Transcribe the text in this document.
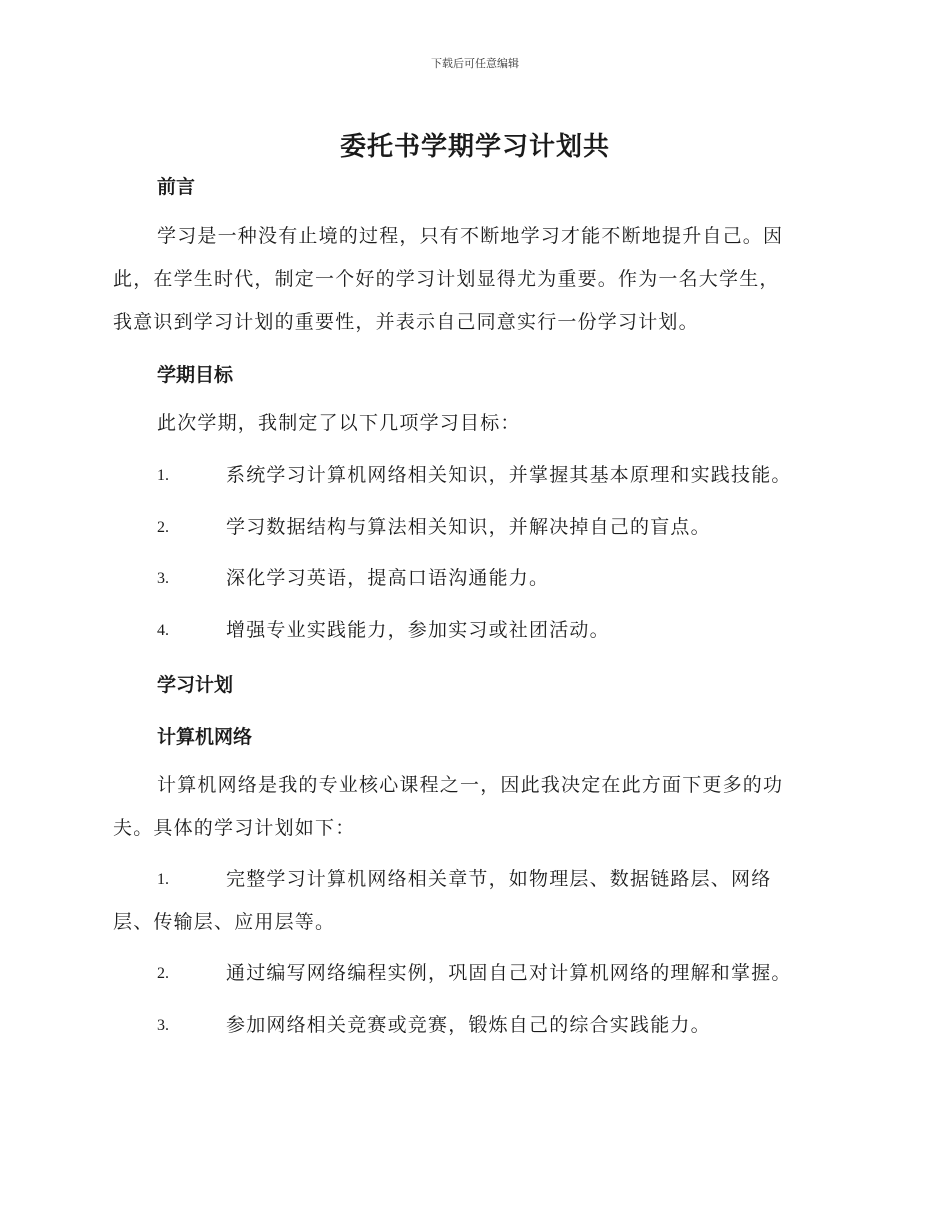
下载后可任意编辑
委托书学期学习计划共
前言
学习是一种没有止境的过程，只有不断地学习才能不断地提升自己。因
此，在学生时代，制定一个好的学习计划显得尤为重要。作为一名大学生，
我意识到学习计划的重要性，并表示自己同意实行一份学习计划。
学期目标
此次学期，我制定了以下几项学习目标：
1.	系统学习计算机网络相关知识，并掌握其基本原理和实践技能。
2.	学习数据结构与算法相关知识，并解决掉自己的盲点。
3.	深化学习英语，提高口语沟通能力。
4.	增强专业实践能力，参加实习或社团活动。
学习计划
计算机网络
计算机网络是我的专业核心课程之一，因此我决定在此方面下更多的功
夫。具体的学习计划如下：
1.	完整学习计算机网络相关章节，如物理层、数据链路层、网络
层、传输层、应用层等。
2.	通过编写网络编程实例，巩固自己对计算机网络的理解和掌握。
3.	参加网络相关竞赛或竞赛，锻炼自己的综合实践能力。
